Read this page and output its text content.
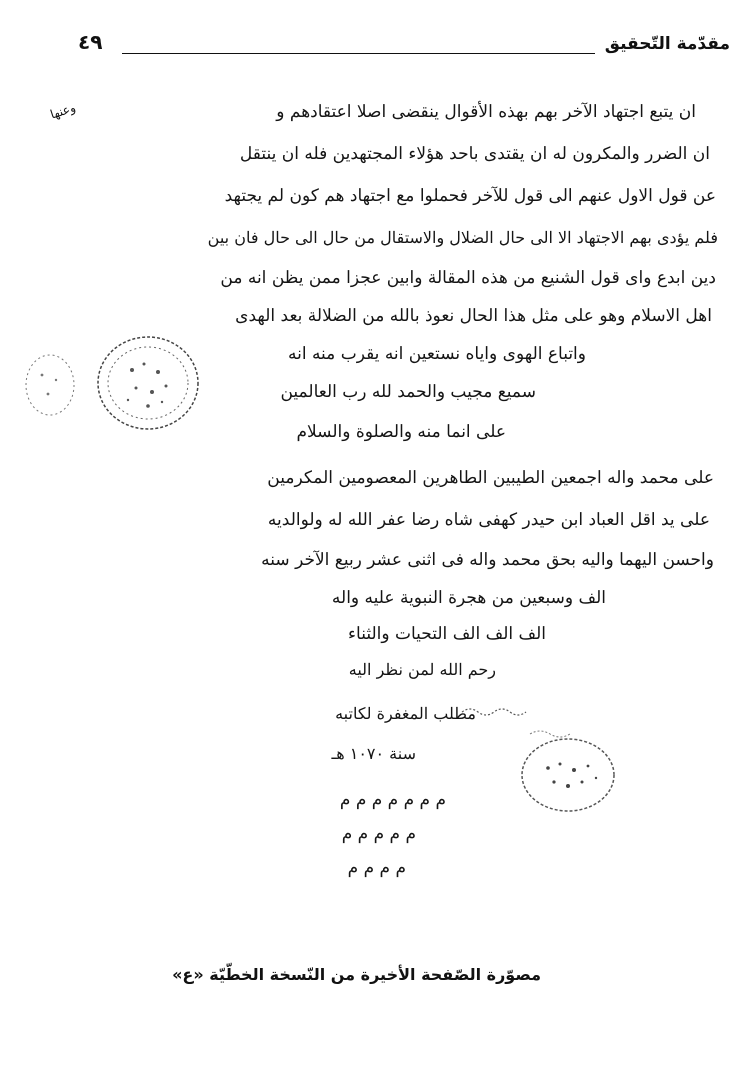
مقدّمة التّحقيق
٤٩
وعنها	ان يتبع اجتهاد الآخر بهم بهذه الأقوال ينقضى اصلا اعتقادهم و
ان الضرر والمكرون له ان يقتدى باحد هؤلاء المجتهدين فله ان ينتقل
عن قول الاول عنهم الى قول للآخر فحملوا مع اجتهاد هم كون لم يجتهد
فلم يؤدى بهم الاجتهاد الا الى حال الضلال والاستقال من حال الى حال فان بين
دين ابدع واى قول الشنيع من هذه المقالة وابين عجزا ممن يظن انه من
اهل الاسلام وهو على مثل هذا الحال نعوذ بالله من الضلالة بعد الهدى
واتباع الهوى واياه نستعين انه يقرب منه انه
سميع مجيب والحمد لله رب العالمين
على انما منه والصلوة والسلام
على محمد واله اجمعين الطيبين الطاهرين المعصومين المكرمين
على يد اقل العباد ابن حيدر كهفى شاه رضا عفر الله له ولوالديه
واحسن اليهما واليه بحق محمد واله فى اثنى عشر ربيع الآخر سنه
الف وسبعين من هجرة النبوية عليه واله
الف الف الف التحيات والثناء
رحم الله لمن نظر اليه
مطلب المغفرة لكاتبه
سنة ١٠٧٠ هـ
م م م م م م م
م م م م م
م م م م
مصوّرة الصّفحة الأخيرة من النّسخة الخطّيّة «ع»
